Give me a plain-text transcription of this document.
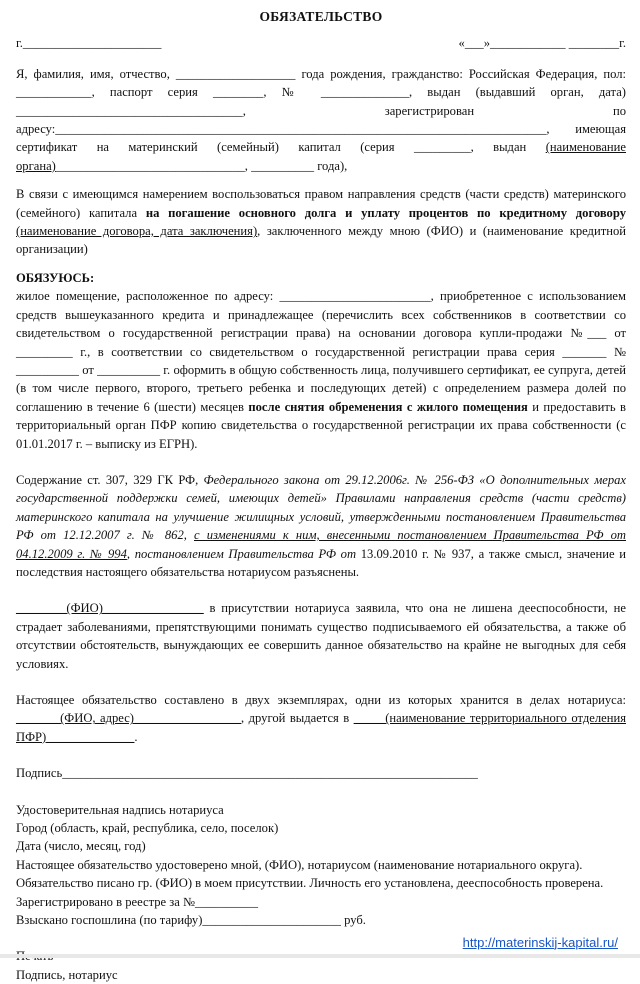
ОБЯЗАТЕЛЬСТВО
г.______________________	«___»____________ ________г.

Я, фамилия, имя, отчество, ___________________ года рождения, гражданство: Российская Федерация, пол: ____________, паспорт серия ________, № ______________, выдан (выдавший орган, дата) ____________________________________, зарегистрирован по адресу:______________________________________________________________________________, имеющая сертификат на материнский (семейный) капитал (серия _________, выдан (наименование органа)______________________________, __________ года),

В связи с имеющимся намерением воспользоваться правом направления средств (части средств) материнского (семейного) капитала на погашение основного долга и уплату процентов по кредитному договору (наименование договора, дата заключения), заключенного между мною (ФИО) и (наименование кредитной организации)

ОБЯЗУЮСЬ:

жилое помещение, расположенное по адресу: ________________________, приобретенное с использованием средств вышеуказанного кредита и принадлежащее (перечислить всех собственников в соответствии со свидетельством о государственной регистрации права) на основании договора купли-продажи №___ от _________ г., в соответствии со свидетельством о государственной регистрации права серия _______ № __________ от __________ г. оформить в общую собственность лица, получившего сертификат, ее супруга, детей (в том числе первого, второго, третьего ребенка и последующих детей) с определением размера долей по соглашению в течение 6 (шести) месяцев после снятия обременения с жилого помещения и предоставить в территориальный орган ПФР копию свидетельства о государственной регистрации их права собственности (с 01.01.2017 г. – выписку из ЕГРН).

Содержание ст. 307, 329 ГК РФ, Федерального закона от 29.12.2006г. № 256-ФЗ «О дополнительных мерах государственной поддержки семей, имеющих детей» Правилами направления средств (части средств) материнского капитала на улучшение жилищных условий, утвержденными постановлением Правительства РФ от 12.12.2007 г. № 862, с изменениями к ним, внесенными постановлением Правительства РФ от 04.12.2009 г. № 994, постановлением Правительства РФ от 13.09.2010 г. № 937, а также смысл, значение и последствия настоящего обязательства нотариусом разъяснены.

________(ФИО)________________ в присутствии нотариуса заявила, что она не лишена дееспособности, не страдает заболеваниями, препятствующими понимать существо подписываемого ей обязательства, а также об отсутствии обстоятельств, вынуждающих ее совершить данное обязательство на крайне не выгодных для себя условиях.

Настоящее обязательство составлено в двух экземплярах, одни из которых хранится в делах нотариуса: _______(ФИО, адрес)_________________, другой выдается в _____(наименование территориального отделения ПФР)______________.

Подпись__________________________________________________________________

Удостоверительная надпись нотариуса

Город (область, край, республика, село, поселок)

Дата (число, месяц, год)

Настоящее обязательство удостоверено мной, (ФИО), нотариусом (наименование нотариального округа).

Обязательство писано гр. (ФИО) в моем присутствии. Личность его установлена, дееспособность проверена.

Зарегистрировано в реестре за №__________

Взыскано госпошлина (по тарифу)______________________ руб.

Подпись, нотариус

http://materinskij-kapital.ru/
